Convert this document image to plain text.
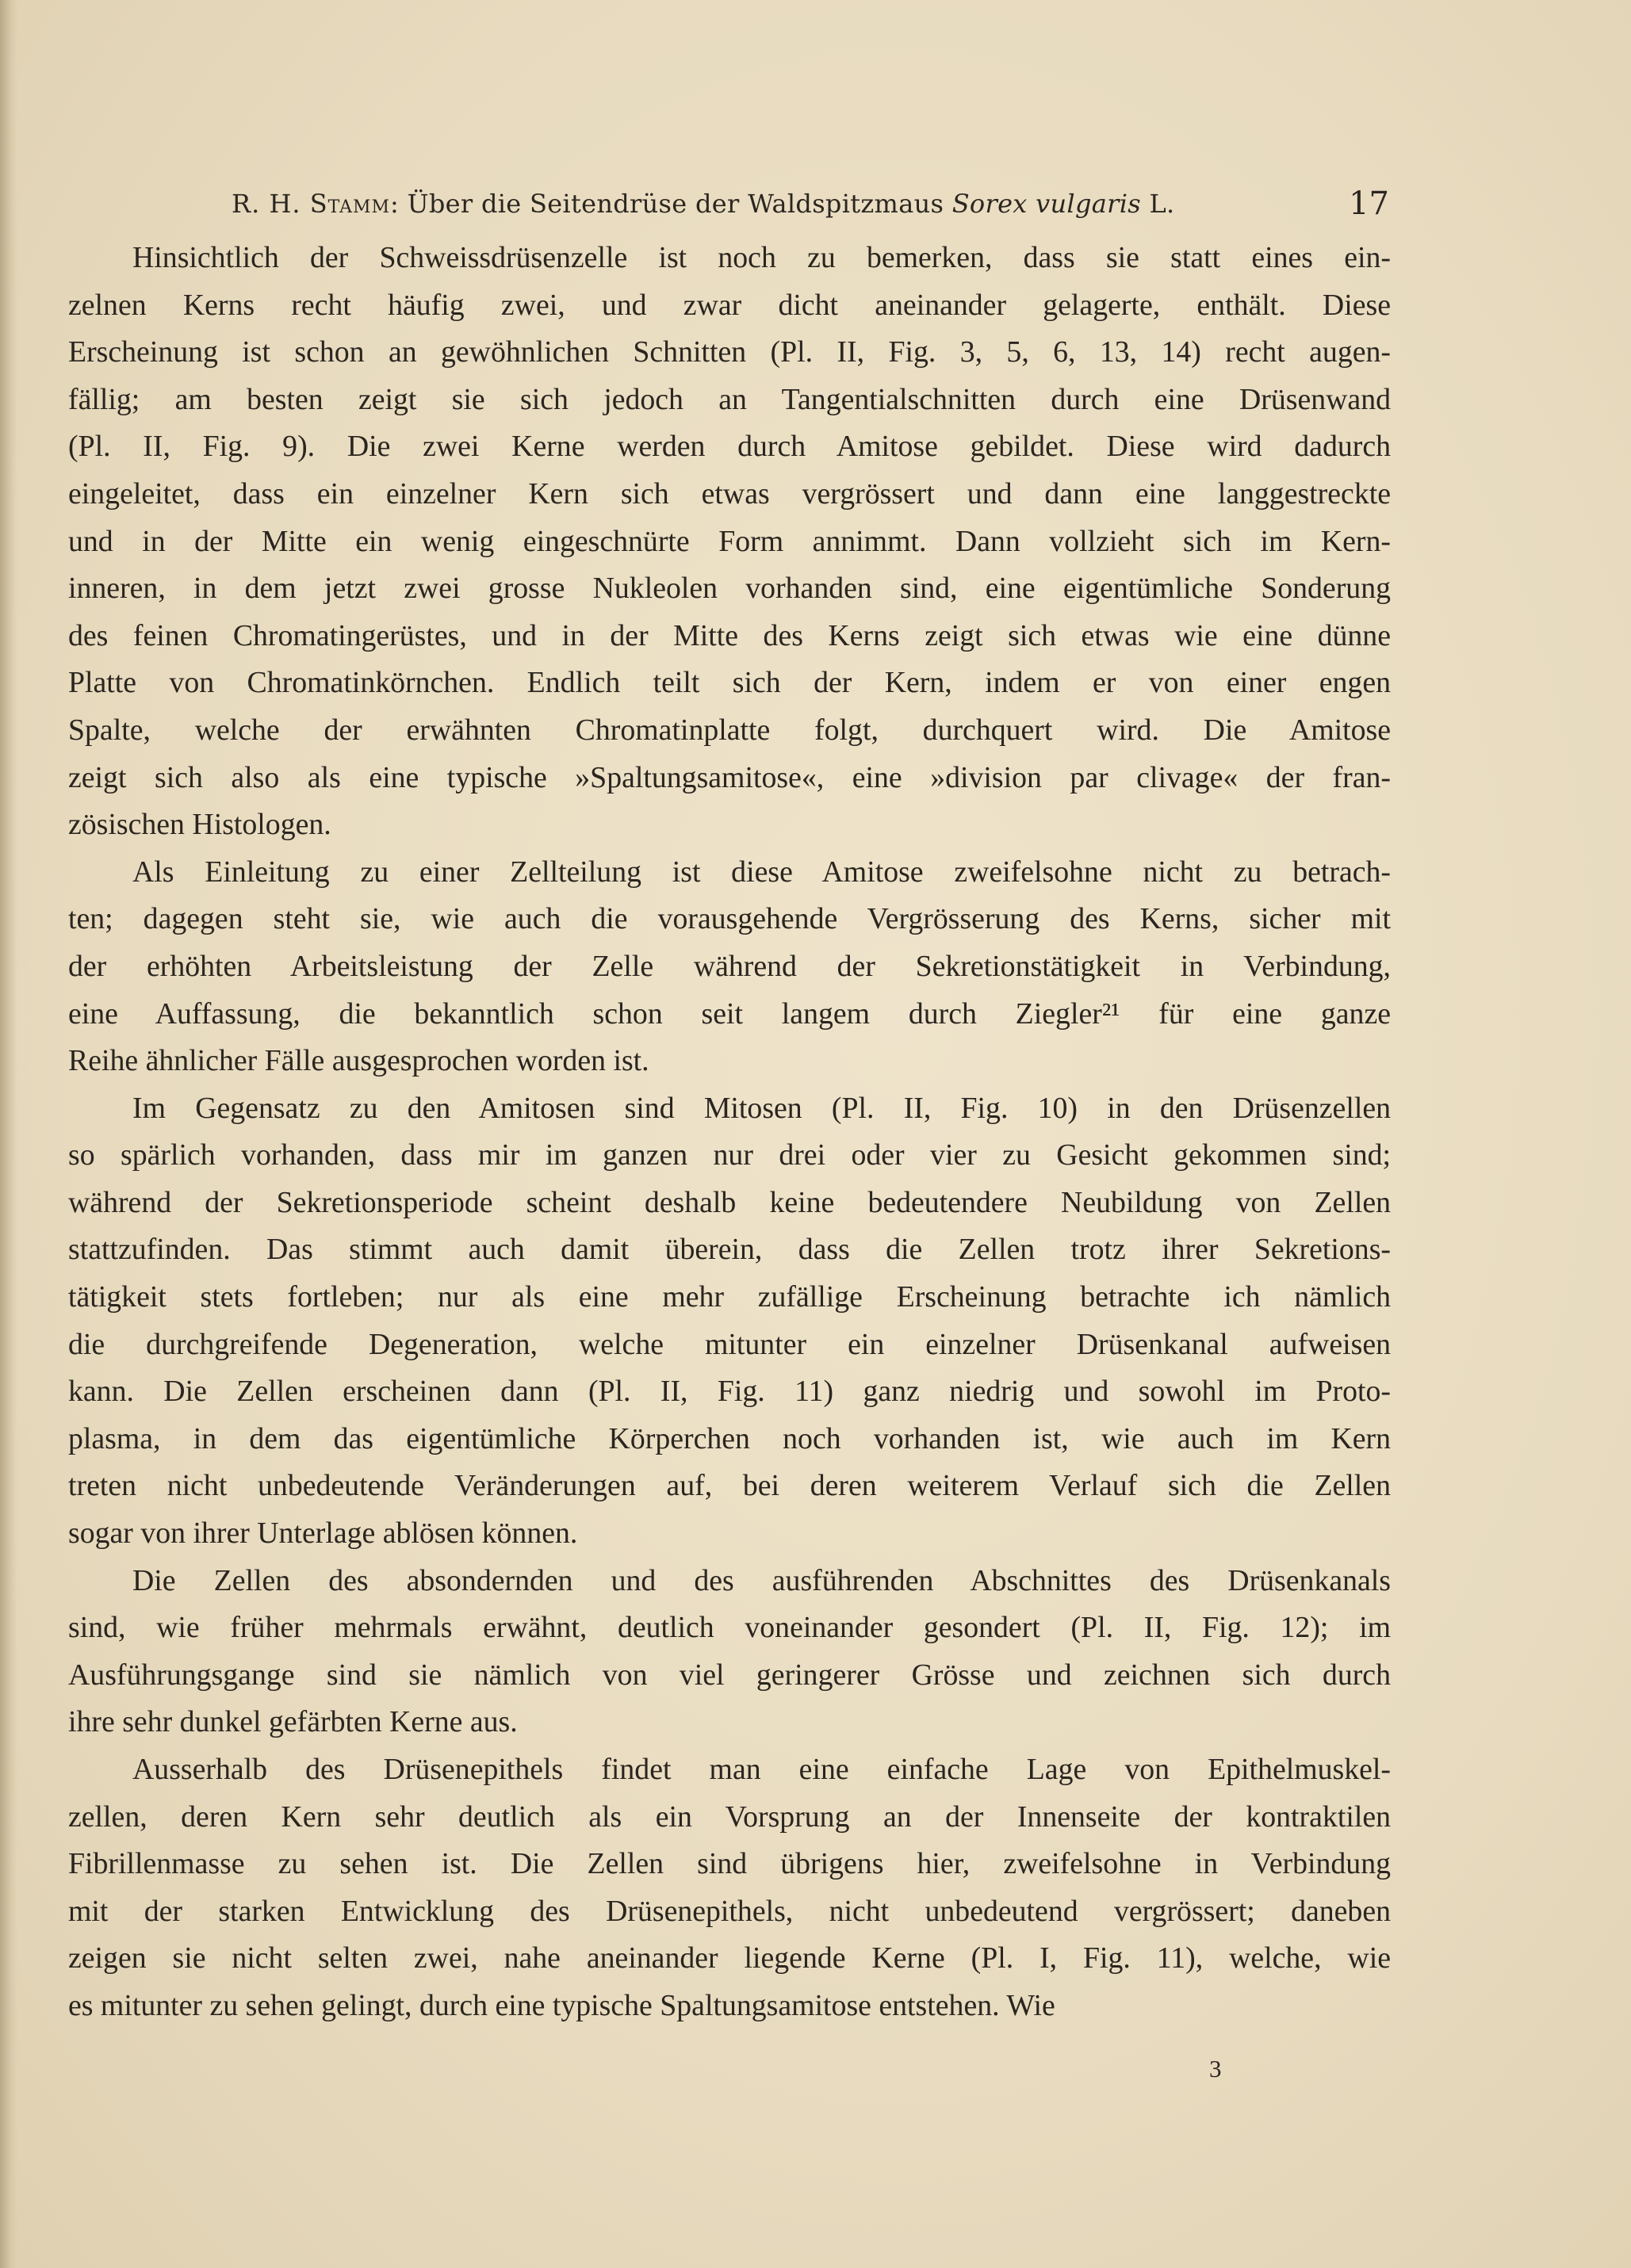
R. H. Stamm: Über die Seitendrüse der Waldspitzmaus Sorex vulgaris L.	17
Hinsichtlich der Schweissdrüsenzelle ist noch zu bemerken, dass sie statt eines ein-
zelnen Kerns recht häufig zwei, und zwar dicht aneinander gelagerte, enthält. Diese
Erscheinung ist schon an gewöhnlichen Schnitten (Pl. II, Fig. 3, 5, 6, 13, 14) recht augen-
fällig; am besten zeigt sie sich jedoch an Tangentialschnitten durch eine Drüsenwand
(Pl. II, Fig. 9). Die zwei Kerne werden durch Amitose gebildet. Diese wird dadurch
eingeleitet, dass ein einzelner Kern sich etwas vergrössert und dann eine langgestreckte
und in der Mitte ein wenig eingeschnürte Form annimmt. Dann vollzieht sich im Kern-
inneren, in dem jetzt zwei grosse Nukleolen vorhanden sind, eine eigentümliche Sonderung
des feinen Chromatingerüstes, und in der Mitte des Kerns zeigt sich etwas wie eine dünne
Platte von Chromatinkörnchen. Endlich teilt sich der Kern, indem er von einer engen
Spalte, welche der erwähnten Chromatinplatte folgt, durchquert wird. Die Amitose
zeigt sich also als eine typische »Spaltungsamitose«, eine »division par clivage« der fran-
zösischen Histologen.
Als Einleitung zu einer Zellteilung ist diese Amitose zweifelsohne nicht zu betrach-
ten; dagegen steht sie, wie auch die vorausgehende Vergrösserung des Kerns, sicher mit
der erhöhten Arbeitsleistung der Zelle während der Sekretionstätigkeit in Verbindung,
eine Auffassung, die bekanntlich schon seit langem durch Ziegler²¹ für eine ganze
Reihe ähnlicher Fälle ausgesprochen worden ist.
Im Gegensatz zu den Amitosen sind Mitosen (Pl. II, Fig. 10) in den Drüsenzellen
so spärlich vorhanden, dass mir im ganzen nur drei oder vier zu Gesicht gekommen sind;
während der Sekretionsperiode scheint deshalb keine bedeutendere Neubildung von Zellen
stattzufinden. Das stimmt auch damit überein, dass die Zellen trotz ihrer Sekretions-
tätigkeit stets fortleben; nur als eine mehr zufällige Erscheinung betrachte ich nämlich
die durchgreifende Degeneration, welche mitunter ein einzelner Drüsenkanal aufweisen
kann. Die Zellen erscheinen dann (Pl. II, Fig. 11) ganz niedrig und sowohl im Proto-
plasma, in dem das eigentümliche Körperchen noch vorhanden ist, wie auch im Kern
treten nicht unbedeutende Veränderungen auf, bei deren weiterem Verlauf sich die Zellen
sogar von ihrer Unterlage ablösen können.
Die Zellen des absondernden und des ausführenden Abschnittes des Drüsenkanals
sind, wie früher mehrmals erwähnt, deutlich voneinander gesondert (Pl. II, Fig. 12); im
Ausführungsgange sind sie nämlich von viel geringerer Grösse und zeichnen sich durch
ihre sehr dunkel gefärbten Kerne aus.
Ausserhalb des Drüsenepithels findet man eine einfache Lage von Epithelmuskel-
zellen, deren Kern sehr deutlich als ein Vorsprung an der Innenseite der kontraktilen
Fibrillenmasse zu sehen ist. Die Zellen sind übrigens hier, zweifelsohne in Verbindung
mit der starken Entwicklung des Drüsenepithels, nicht unbedeutend vergrössert; daneben
zeigen sie nicht selten zwei, nahe aneinander liegende Kerne (Pl. I, Fig. 11), welche, wie
es mitunter zu sehen gelingt, durch eine typische Spaltungsamitose entstehen. Wie
3
